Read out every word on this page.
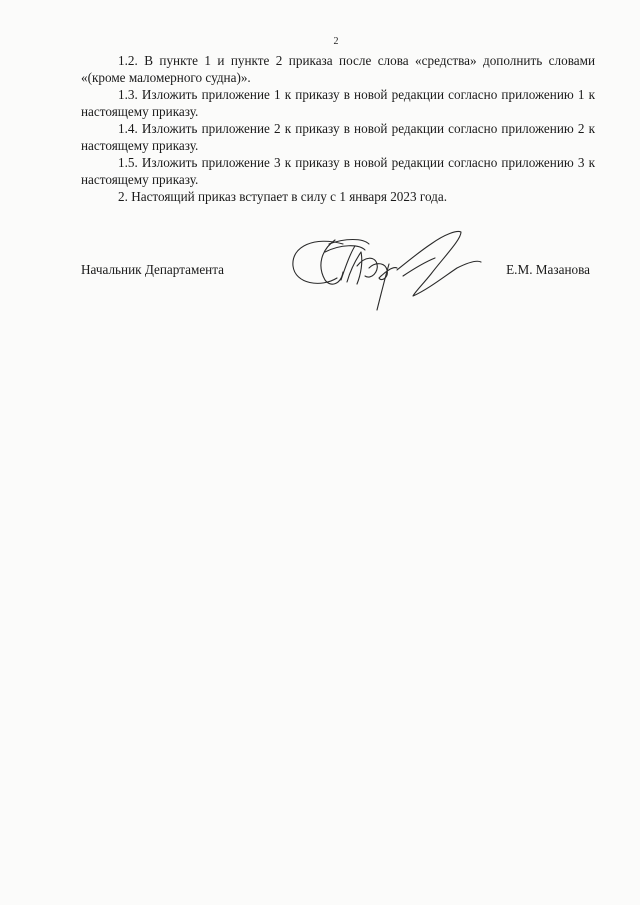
2

1.2. В пункте 1 и пункте 2 приказа после слова «средства» дополнить словами «(кроме маломерного судна)».

1.3. Изложить приложение 1 к приказу в новой редакции согласно приложению 1 к настоящему приказу.

1.4. Изложить приложение 2 к приказу в новой редакции согласно приложению 2 к настоящему приказу.

1.5. Изложить приложение 3 к приказу в новой редакции согласно приложению 3 к настоящему приказу.

2. Настоящий приказ вступает в силу с 1 января 2023 года.

Начальник Департамента	Е.М. Мазанова
